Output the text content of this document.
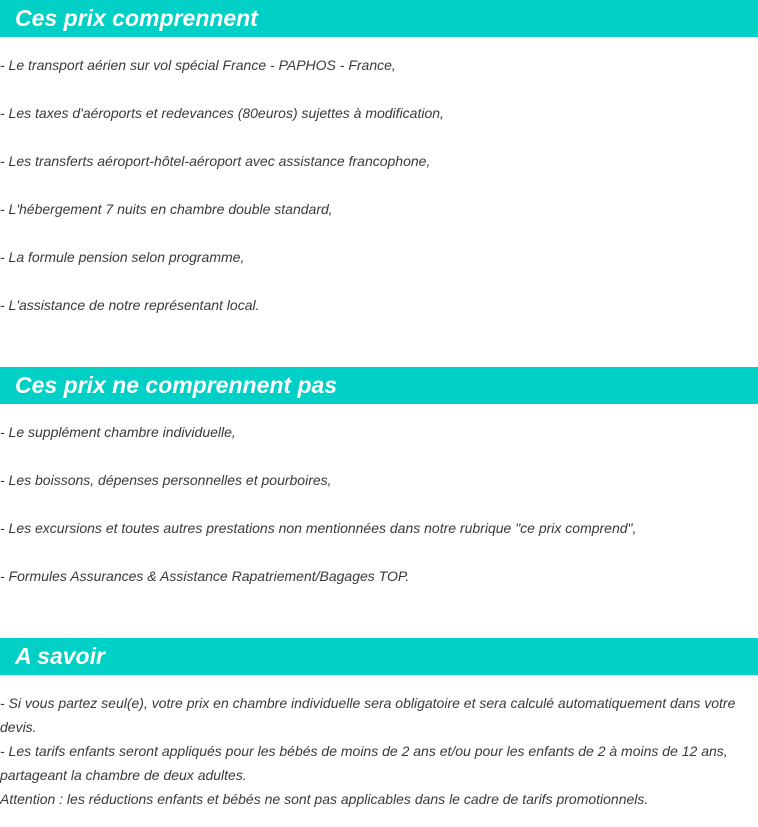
Ces prix comprennent
- Le transport aérien sur vol spécial France - PAPHOS - France,
- Les taxes d'aéroports et redevances (80euros) sujettes à modification,
- Les transferts aéroport-hôtel-aéroport avec assistance francophone,
- L'hébergement 7 nuits en chambre double standard,
- La formule pension selon programme,
- L'assistance de notre représentant local.
Ces prix ne comprennent pas
- Le supplément chambre individuelle,
- Les boissons, dépenses personnelles et pourboires,
- Les excursions et toutes autres prestations non mentionnées dans notre rubrique "ce prix comprend",
- Formules Assurances & Assistance Rapatriement/Bagages TOP.
A savoir
- Si vous partez seul(e), votre prix en chambre individuelle sera obligatoire et sera calculé automatiquement dans votre devis.
- Les tarifs enfants seront appliqués pour les bébés de moins de 2 ans et/ou pour les enfants de 2 à moins de 12 ans, partageant la chambre de deux adultes.
Attention : les réductions enfants et bébés ne sont pas applicables dans le cadre de tarifs promotionnels.
